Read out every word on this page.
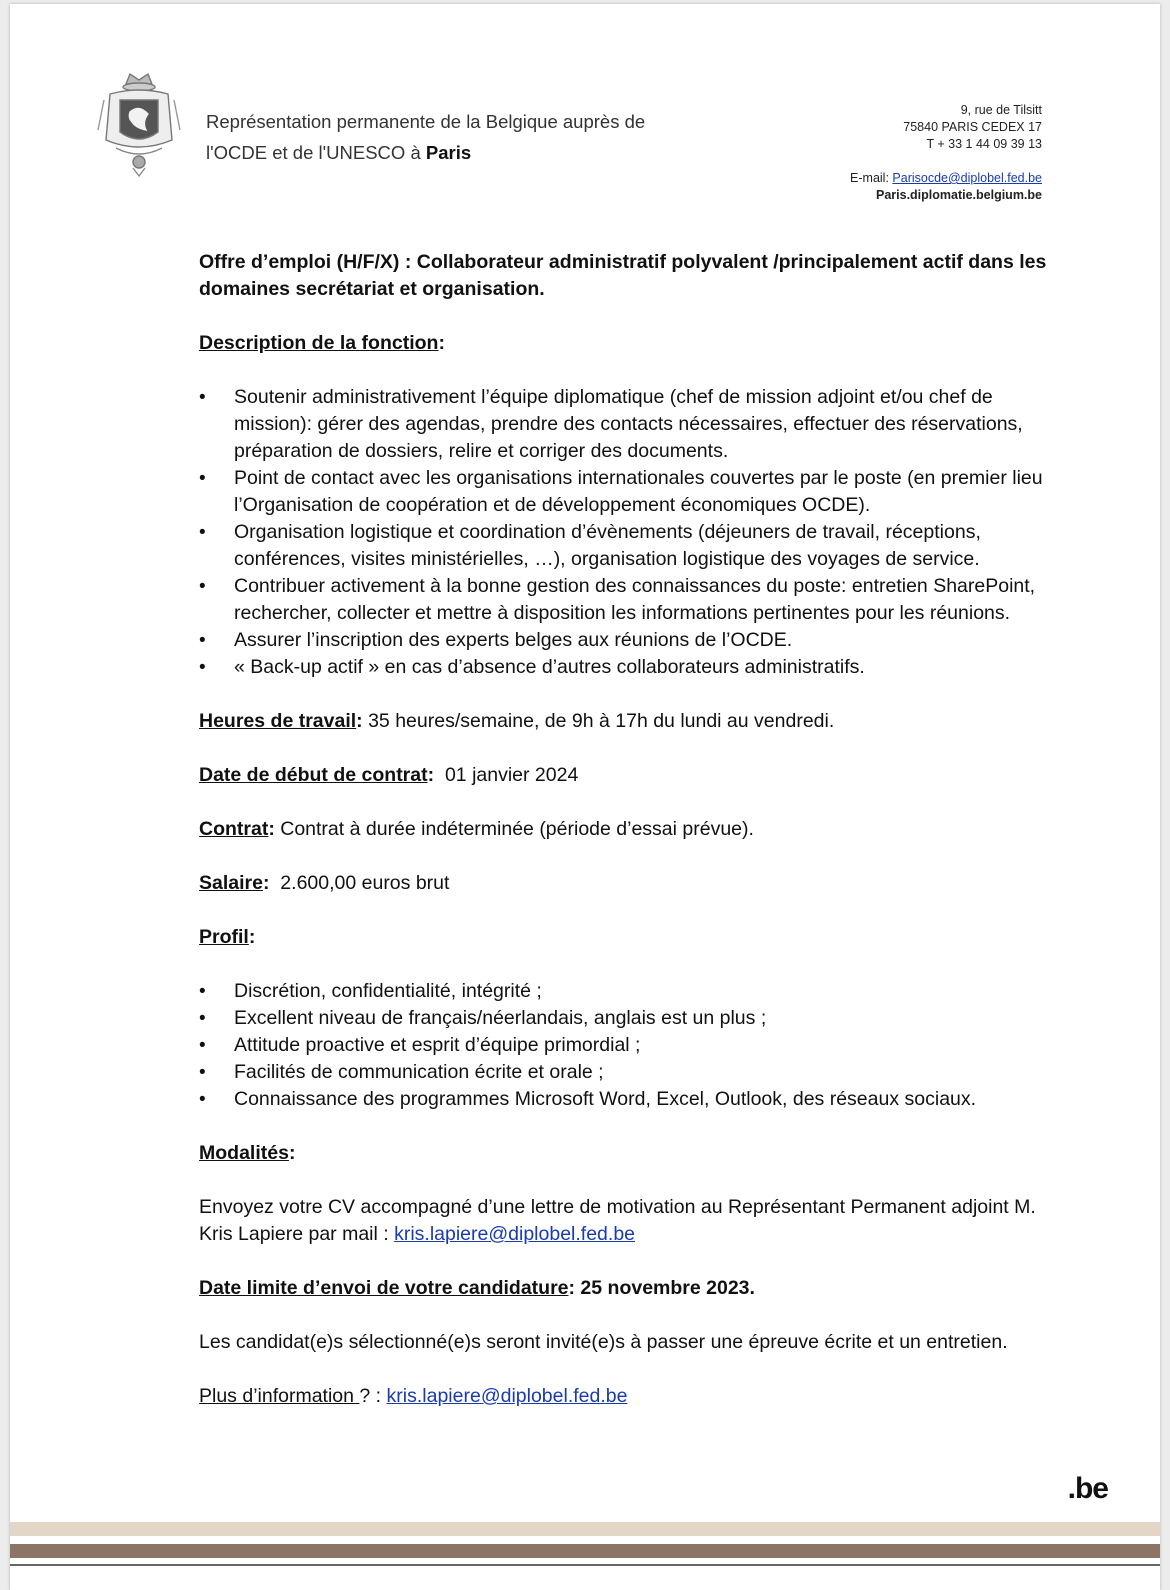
Représentation permanente de la Belgique auprès de
l'OCDE et de l'UNESCO à Paris
9, rue de Tilsitt
75840 PARIS CEDEX 17
T + 33 1 44 09 39 13
E-mail: Parisocde@diplobel.fed.be
Paris.diplomatie.belgium.be

Offre d’emploi (H/F/X) : Collaborateur administratif polyvalent /principalement actif dans les domaines secrétariat et organisation.

Description de la fonction:

• Soutenir administrativement l’équipe diplomatique (chef de mission adjoint et/ou chef de mission): gérer des agendas, prendre des contacts nécessaires, effectuer des réservations, préparation de dossiers, relire et corriger des documents.
• Point de contact avec les organisations internationales couvertes par le poste (en premier lieu l’Organisation de coopération et de développement économiques OCDE).
• Organisation logistique et coordination d’évènements (déjeuners de travail, réceptions, conférences, visites ministérielles, …), organisation logistique des voyages de service.
• Contribuer activement à la bonne gestion des connaissances du poste: entretien SharePoint, rechercher, collecter et mettre à disposition les informations pertinentes pour les réunions.
• Assurer l’inscription des experts belges aux réunions de l’OCDE.
• « Back-up actif » en cas d’absence d’autres collaborateurs administratifs.

Heures de travail: 35 heures/semaine, de 9h à 17h du lundi au vendredi.

Date de début de contrat:  01 janvier 2024

Contrat: Contrat à durée indéterminée (période d’essai prévue).

Salaire:  2.600,00 euros brut

Profil:

• Discrétion, confidentialité, intégrité ;
• Excellent niveau de français/néerlandais, anglais est un plus ;
• Attitude proactive et esprit d’équipe primordial ;
• Facilités de communication écrite et orale ;
• Connaissance des programmes Microsoft Word, Excel, Outlook, des réseaux sociaux.

Modalités:

Envoyez votre CV accompagné d’une lettre de motivation au Représentant Permanent adjoint M. Kris Lapiere par mail : kris.lapiere@diplobel.fed.be

Date limite d’envoi de votre candidature: 25 novembre 2023.

Les candidat(e)s sélectionné(e)s seront invité(e)s à passer une épreuve écrite et un entretien.

Plus d’information ? : kris.lapiere@diplobel.fed.be

.be
